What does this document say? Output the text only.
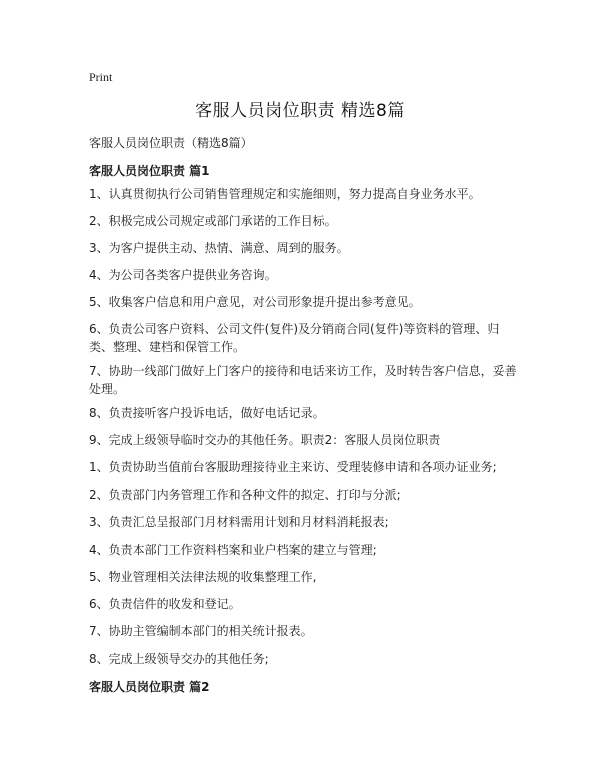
Print
客服人员岗位职责 精选8篇
客服人员岗位职责（精选8篇）
客服人员岗位职责 篇1
1、认真贯彻执行公司销售管理规定和实施细则，努力提高自身业务水平。
2、积极完成公司规定或部门承诺的工作目标。
3、为客户提供主动、热情、满意、周到的服务。
4、为公司各类客户提供业务咨询。
5、收集客户信息和用户意见，对公司形象提升提出参考意见。
6、负责公司客户资料、公司文件(复件)及分销商合同(复件)等资料的管理、归类、整理、建档和保管工作。
7、协助一线部门做好上门客户的接待和电话来访工作，及时转告客户信息，妥善处理。
8、负责接听客户投诉电话，做好电话记录。
9、完成上级领导临时交办的其他任务。职责2：客服人员岗位职责
1、负责协助当值前台客服助理接待业主来访、受理装修申请和各项办证业务;
2、负责部门内务管理工作和各种文件的拟定、打印与分派;
3、负责汇总呈报部门月材料需用计划和月材料消耗报表;
4、负责本部门工作资料档案和业户档案的建立与管理;
5、物业管理相关法律法规的收集整理工作,
6、负责信件的收发和登记。
7、协助主管编制本部门的相关统计报表。
8、完成上级领导交办的其他任务;
客服人员岗位职责 篇2
